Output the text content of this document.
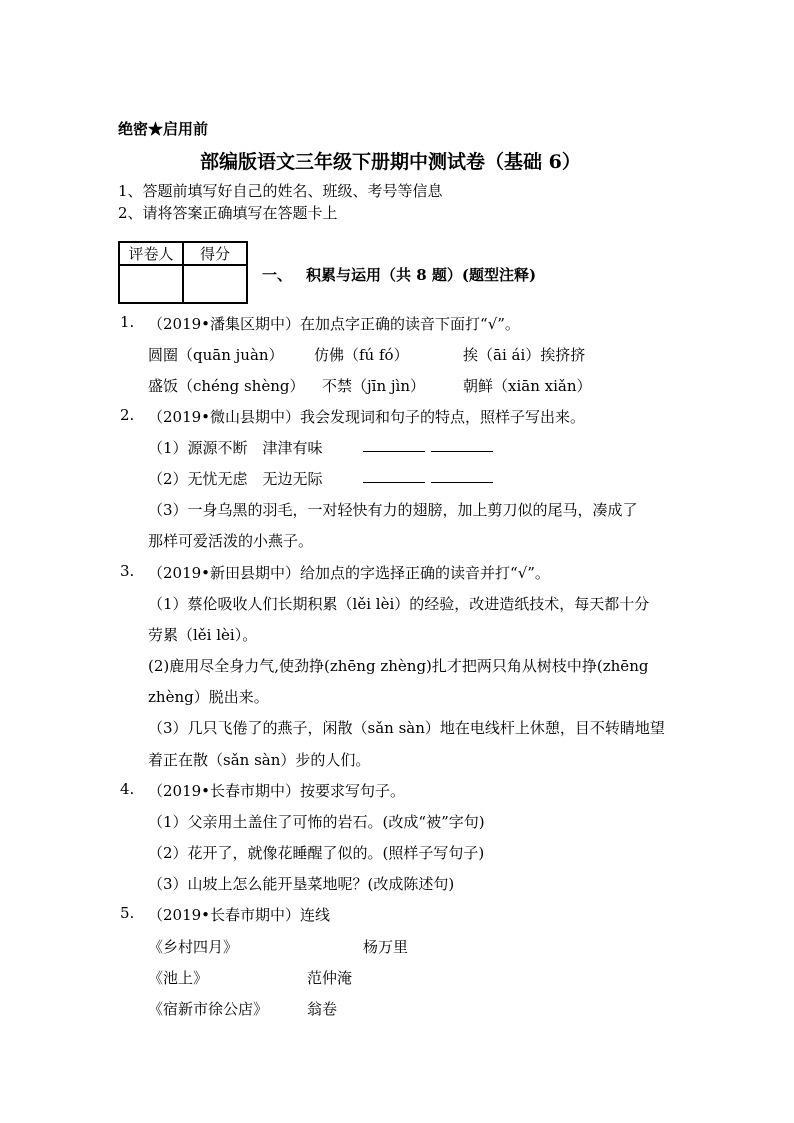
绝密★启用前
部编版语文三年级下册期中测试卷（基础 6）
1、答题前填写好自己的姓名、班级、考号等信息
2、请将答案正确填写在答题卡上
评卷人	得分

一、 积累与运用（共 8 题）(题型注释)
1. （2019•潘集区期中）在加点字正确的读音下面打“√”。
圆圈（quān juàn） 仿佛（fú fó）	挨（āi ái）挨挤挤
盛饭（chéng shèng） 不禁（jīn jìn）	朝鲜（xiān xiǎn）
2. （2019•微山县期中）我会发现词和句子的特点，照样子写出来。
（1）源源不断　津津有味
（2）无忧无虑　无边无际
（3）一身乌黑的羽毛，一对轻快有力的翅膀，加上剪刀似的尾马，凑成了
那样可爱活泼的小燕子。
3. （2019•新田县期中）给加点的字选择正确的读音并打“√”。
（1）蔡伦吸收人们长期积累（lěi lèi）的经验，改进造纸技术，每天都十分
劳累（lěi lèi）。
(2)鹿用尽全身力气,使劲挣(zhēng zhèng)扎才把两只角从树枝中挣(zhēng
zhèng）脱出来。
（3）几只飞倦了的燕子，闲散（sǎn sàn）地在电线杆上休憩，目不转睛地望
着正在散（sǎn sàn）步的人们。
4. （2019•长春市期中）按要求写句子。
（1）父亲用土盖住了可怖的岩石。(改成“被”字句)
（2）花开了，就像花睡醒了似的。(照样子写句子)
（3）山坡上怎么能开垦菜地呢？(改成陈述句)
5. （2019•长春市期中）连线
《乡村四月》	杨万里
《池上》	范仲淹
《宿新市徐公店》	翁卷
